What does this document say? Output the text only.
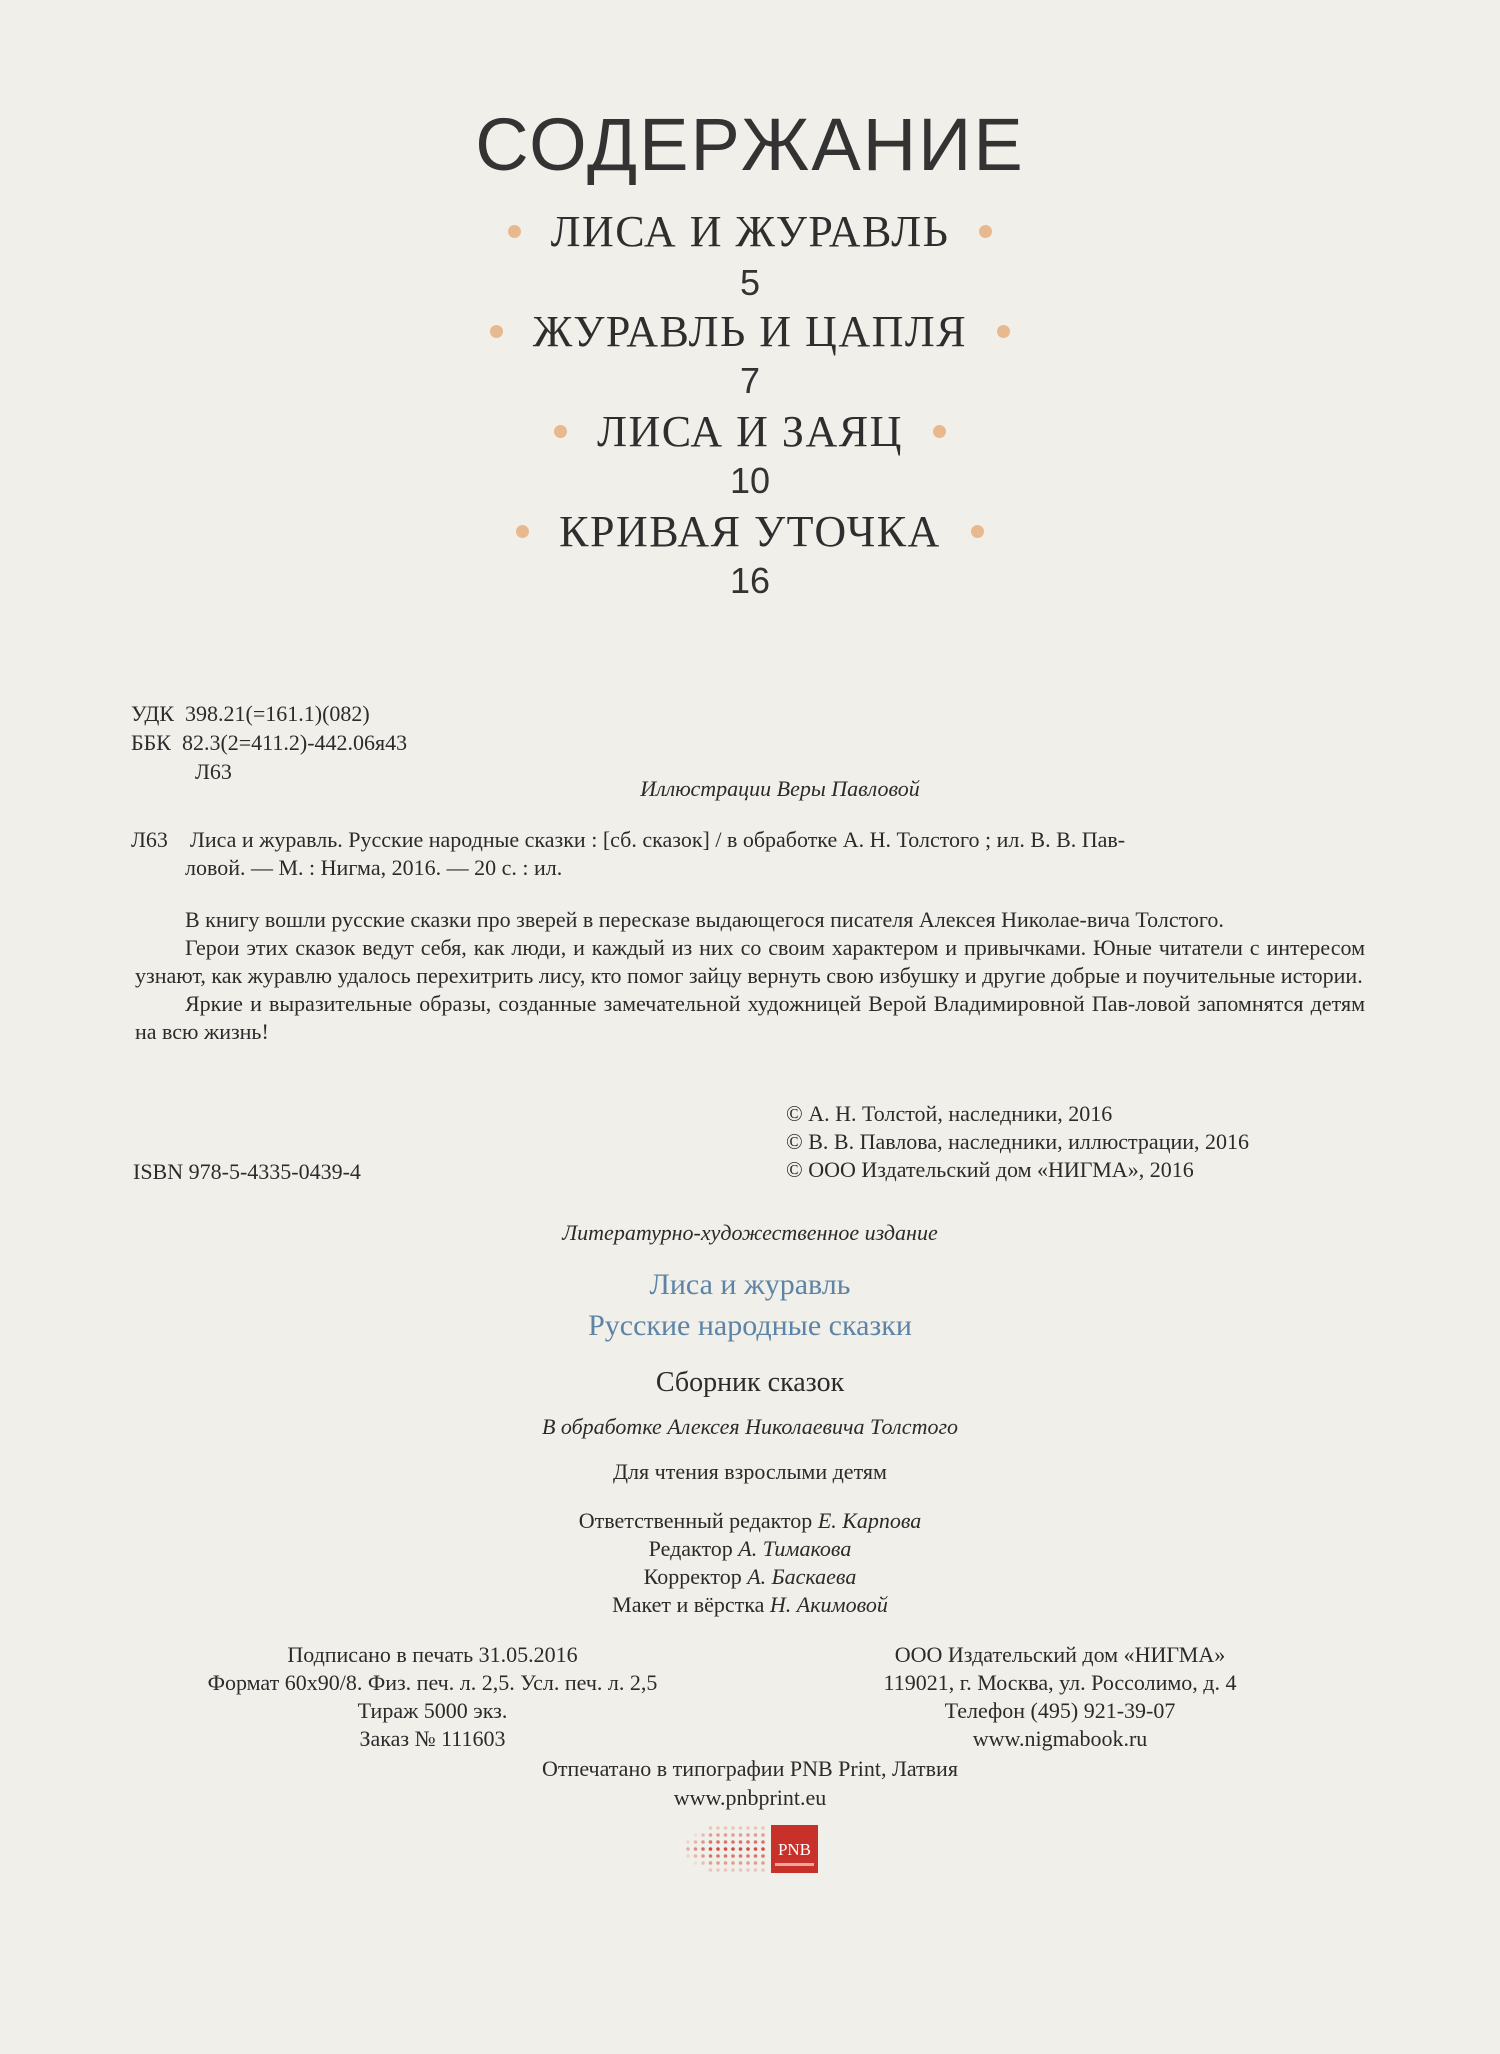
СОДЕРЖАНИЕ
ЛИСА И ЖУРАВЛЬ
5
ЖУРАВЛЬ И ЦАПЛЯ
7
ЛИСА И ЗАЯЦ
10
КРИВАЯ УТОЧКА
16
УДК 398.21(=161.1)(082)
ББК 82.3(2=411.2)-442.06я43
Л63
Иллюстрации Веры Павловой
Л63 Лиса и журавль. Русские народные сказки : [сб. сказок] / в обработке А. Н. Толстого ; ил. В. В. Пав-
ловой. — М. : Нигма, 2016. — 20 с. : ил.
В книгу вошли русские сказки про зверей в пересказе выдающегося писателя Алексея Николае-вича Толстого.
Герои этих сказок ведут себя, как люди, и каждый из них со своим характером и привычками. Юные читатели с интересом узнают, как журавлю удалось перехитрить лису, кто помог зайцу вернуть свою избушку и другие добрые и поучительные истории.
Яркие и выразительные образы, созданные замечательной художницей Верой Владимировной Пав-ловой запомнятся детям на всю жизнь!
© А. Н. Толстой, наследники, 2016
© В. В. Павлова, наследники, иллюстрации, 2016
© ООО Издательский дом «НИГМА», 2016
ISBN 978-5-4335-0439-4
Литературно-художественное издание
Лиса и журавль
Русские народные сказки
Сборник сказок
В обработке Алексея Николаевича Толстого
Для чтения взрослыми детям
Ответственный редактор Е. Карпова
Редактор А. Тимакова
Корректор А. Баскаева
Макет и вёрстка Н. Акимовой
Подписано в печать 31.05.2016
Формат 60x90/8. Физ. печ. л. 2,5. Усл. печ. л. 2,5
Тираж 5000 экз.
Заказ № 111603
ООО Издательский дом «НИГМА»
119021, г. Москва, ул. Россолимо, д. 4
Телефон (495) 921-39-07
www.nigmabook.ru
Отпечатано в типографии PNB Print, Латвия
www.pnbprint.eu
PNB
